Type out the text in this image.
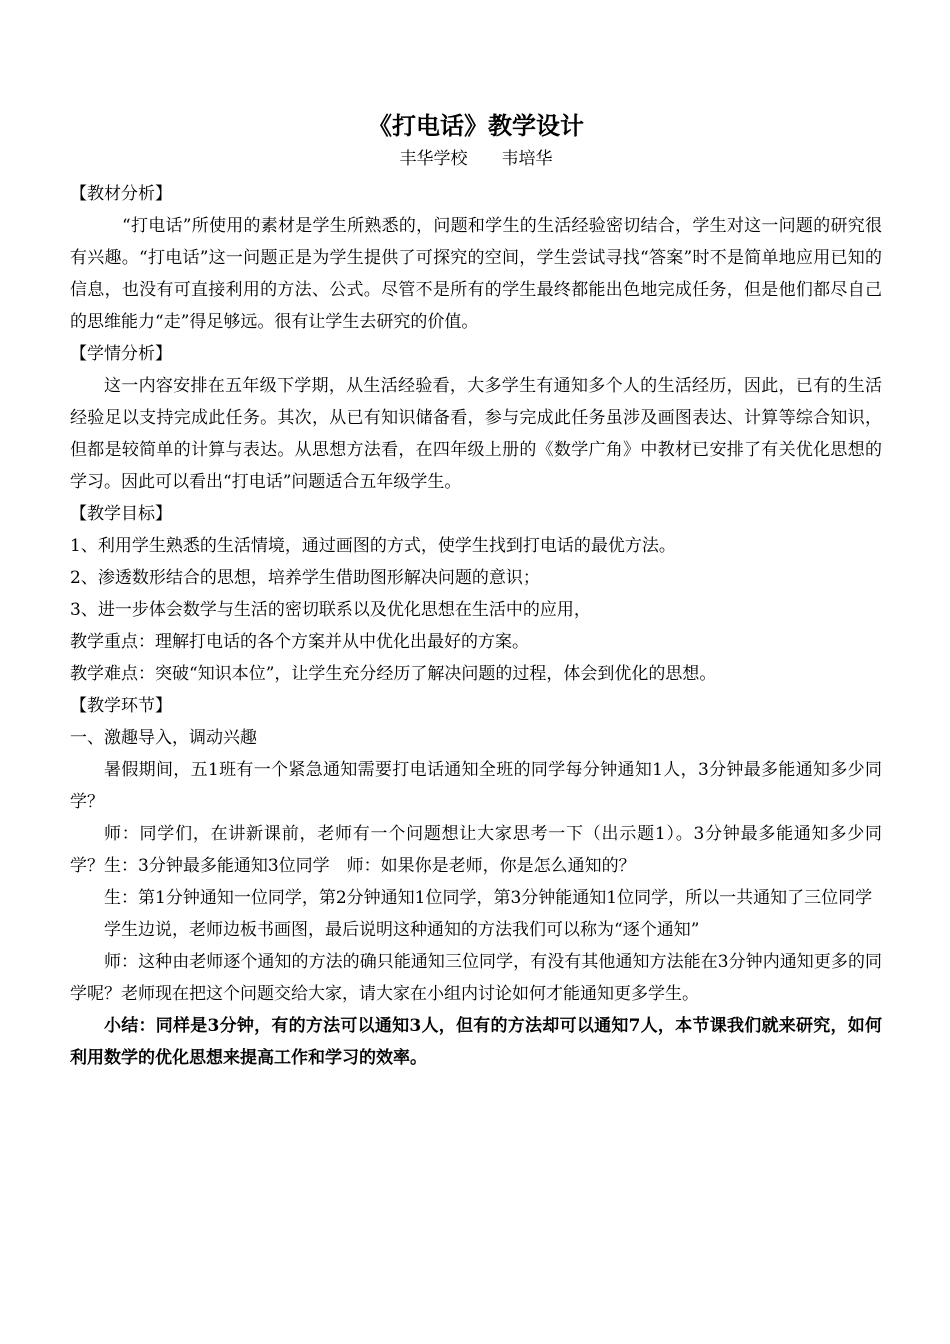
《打电话》教学设计

丰华学校 韦培华

【教材分析】

“打电话”所使用的素材是学生所熟悉的，问题和学生的生活经验密切结合，学生对这一问题的研究很有兴趣。“打电话”这一问题正是为学生提供了可探究的空间，学生尝试寻找“答案”时不是简单地应用已知的信息，也没有可直接利用的方法、公式。尽管不是所有的学生最终都能出色地完成任务，但是他们都尽自己的思维能力“走”得足够远。很有让学生去研究的价值。

【学情分析】

这一内容安排在五年级下学期，从生活经验看，大多学生有通知多个人的生活经历，因此，已有的生活经验足以支持完成此任务。其次，从已有知识储备看，参与完成此任务虽涉及画图表达、计算等综合知识，但都是较简单的计算与表达。从思想方法看，在四年级上册的《数学广角》中教材已安排了有关优化思想的学习。因此可以看出“打电话”问题适合五年级学生。

【教学目标】

1、利用学生熟悉的生活情境，通过画图的方式，使学生找到打电话的最优方法。

2、渗透数形结合的思想，培养学生借助图形解决问题的意识；

3、进一步体会数学与生活的密切联系以及优化思想在生活中的应用，

教学重点：理解打电话的各个方案并从中优化出最好的方案。

教学难点：突破“知识本位”，让学生充分经历了解决问题的过程，体会到优化的思想。

【教学环节】

一、激趣导入，调动兴趣

暑假期间，五1班有一个紧急通知需要打电话通知全班的同学每分钟通知1人，3分钟最多能通知多少同学？

师：同学们，在讲新课前，老师有一个问题想让大家思考一下（出示题1）。3分钟最多能通知多少同学？生：3分钟最多能通知3位同学　师：如果你是老师，你是怎么通知的？

生：第1分钟通知一位同学，第2分钟通知1位同学，第3分钟能通知1位同学，所以一共通知了三位同学

学生边说，老师边板书画图，最后说明这种通知的方法我们可以称为“逐个通知”

师：这种由老师逐个通知的方法的确只能通知三位同学，有没有其他通知方法能在3分钟内通知更多的同学呢？老师现在把这个问题交给大家，请大家在小组内讨论如何才能通知更多学生。

小结：同样是3分钟，有的方法可以通知3人，但有的方法却可以通知7人，本节课我们就来研究，如何利用数学的优化思想来提高工作和学习的效率。
